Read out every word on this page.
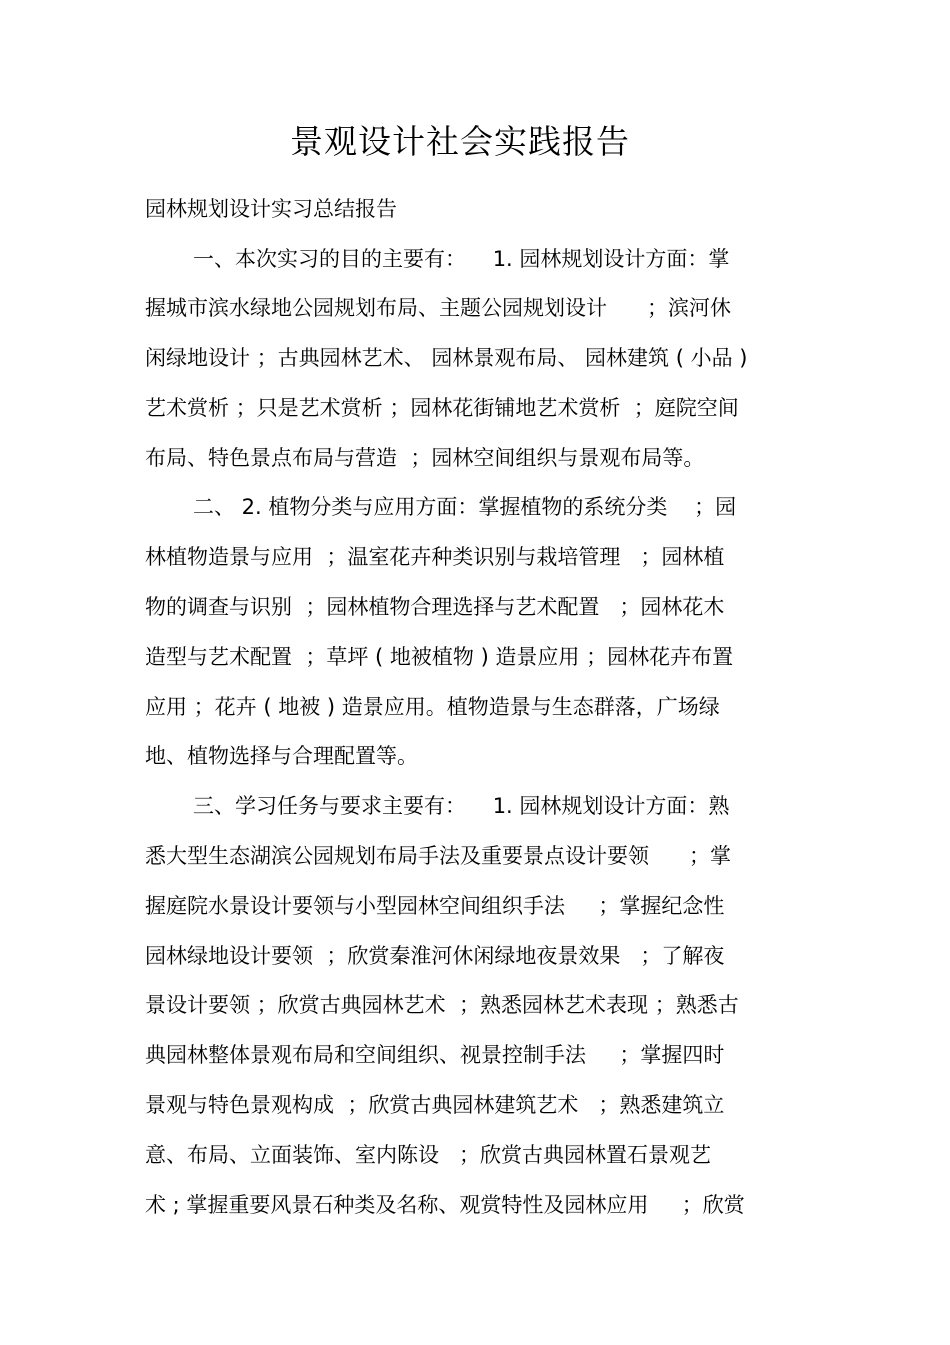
景观设计社会实践报告
园林规划设计实习总结报告
一、本次实习的目的主要有：    1. 园林规划设计方面：掌
握城市滨水绿地公园规划布局、主题公园规划设计      ；滨河休
闲绿地设计 ；古典园林艺术、 园林景观布局、 园林建筑 ( 小品 )
艺术赏析 ；只是艺术赏析 ；园林花街铺地艺术赏析  ；庭院空间
布局、特色景点布局与营造  ；园林空间组织与景观布局等。
二、 2. 植物分类与应用方面：掌握植物的系统分类    ；园
林植物造景与应用  ；温室花卉种类识别与栽培管理   ；园林植
物的调查与识别  ；园林植物合理选择与艺术配置   ；园林花木
造型与艺术配置  ；草坪 ( 地被植物 ) 造景应用 ；园林花卉布置
应用 ；花卉 ( 地被 ) 造景应用。植物造景与生态群落，广场绿
地、植物选择与合理配置等。
三、学习任务与要求主要有：    1. 园林规划设计方面：熟
悉大型生态湖滨公园规划布局手法及重要景点设计要领      ；掌
握庭院水景设计要领与小型园林空间组织手法     ；掌握纪念性
园林绿地设计要领  ；欣赏秦淮河休闲绿地夜景效果   ；了解夜
景设计要领 ；欣赏古典园林艺术  ；熟悉园林艺术表现 ；熟悉古
典园林整体景观布局和空间组织、视景控制手法     ；掌握四时
景观与特色景观构成  ；欣赏古典园林建筑艺术   ；熟悉建筑立
意、布局、立面装饰、室内陈设   ；欣赏古典园林置石景观艺
术 ; 掌握重要风景石种类及名称、观赏特性及园林应用     ；欣赏
